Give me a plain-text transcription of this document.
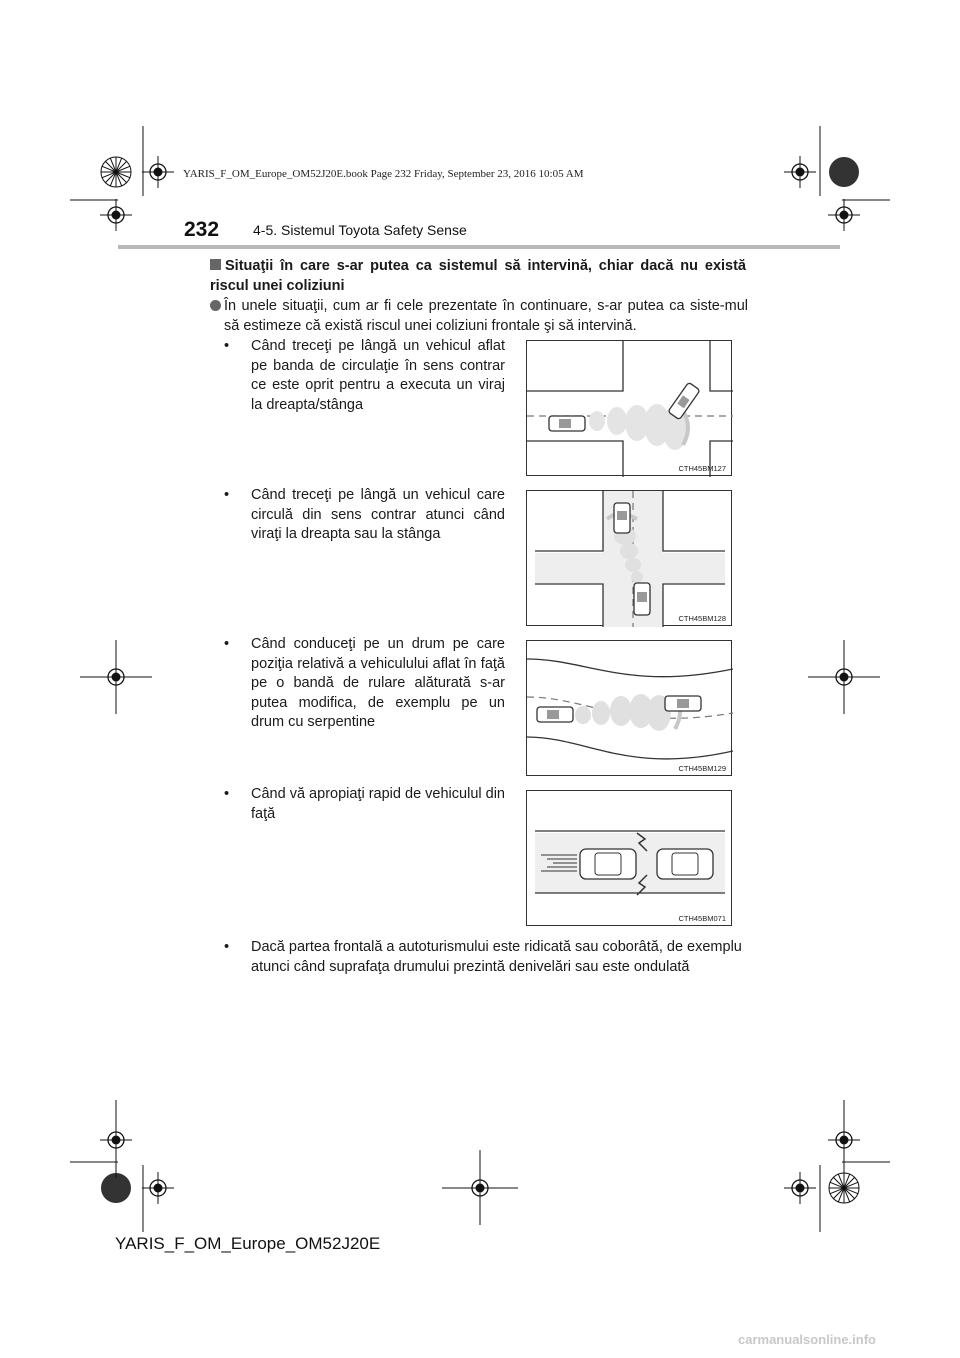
YARIS_F_OM_Europe_OM52J20E.book Page 232 Friday, September 23, 2016 10:05 AM
232 4-5. Sistemul Toyota Safety Sense
Situaţii în care s-ar putea ca sistemul să intervină, chiar dacă nu există riscul unei coliziuni
În unele situaţii, cum ar fi cele prezentate în continuare, s-ar putea ca siste-mul să estimeze că există riscul unei coliziuni frontale şi să intervină.
•	Când treceţi pe lângă un vehicul aflat pe banda de circulaţie în sens contrar ce este oprit pentru a executa un viraj la dreapta/stânga
CTH45BM127
•	Când treceţi pe lângă un vehicul care circulă din sens contrar atunci când viraţi la dreapta sau la stânga
CTH45BM128
•	Când conduceţi pe un drum pe care poziţia relativă a vehiculului aflat în faţă pe o bandă de rulare alăturată s-ar putea modifica, de exemplu pe un drum cu serpentine
CTH45BM129
•	Când vă apropiaţi rapid de vehiculul din faţă
CTH45BM071
•	Dacă partea frontală a autoturismului este ridicată sau coborâtă, de exemplu atunci când suprafaţa drumului prezintă denivelări sau este ondulată
YARIS_F_OM_Europe_OM52J20E
carmanualsonline.info
